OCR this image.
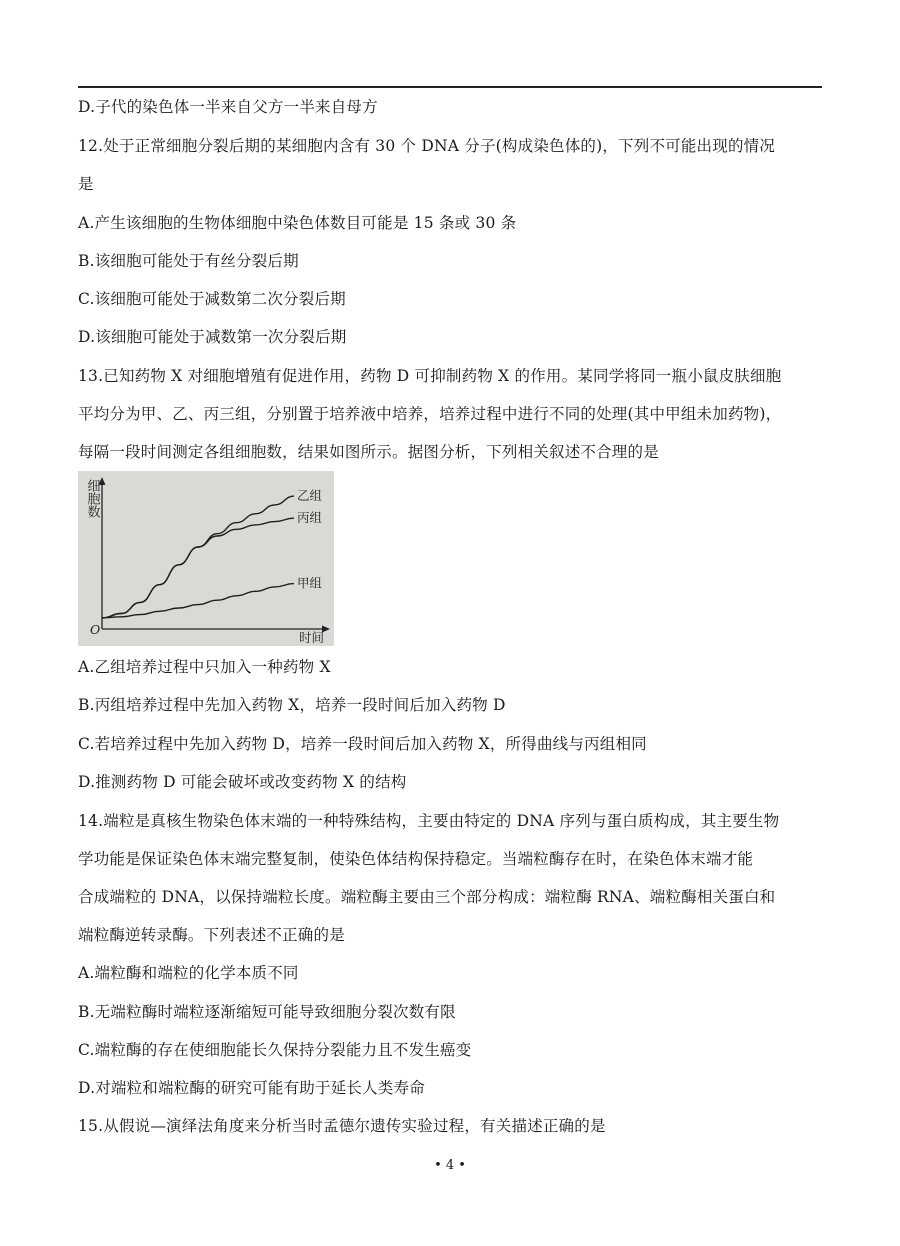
D.子代的染色体一半来自父方一半来自母方
12.处于正常细胞分裂后期的某细胞内含有 30 个 DNA 分子(构成染色体的)，下列不可能出现的情况
是
A.产生该细胞的生物体细胞中染色体数目可能是 15 条或 30 条
B.该细胞可能处于有丝分裂后期
C.该细胞可能处于减数第二次分裂后期
D.该细胞可能处于减数第一次分裂后期
13.已知药物 X 对细胞增殖有促进作用，药物 D 可抑制药物 X 的作用。某同学将同一瓶小鼠皮肤细胞
平均分为甲、乙、丙三组，分别置于培养液中培养，培养过程中进行不同的处理(其中甲组未加药物)，
每隔一段时间测定各组细胞数，结果如图所示。据图分析，下列相关叙述不合理的是
细胞数
时间
O
乙组
丙组
甲组
A.乙组培养过程中只加入一种药物 X
B.丙组培养过程中先加入药物 X，培养一段时间后加入药物 D
C.若培养过程中先加入药物 D，培养一段时间后加入药物 X，所得曲线与丙组相同
D.推测药物 D 可能会破坏或改变药物 X 的结构
14.端粒是真核生物染色体末端的一种特殊结构，主要由特定的 DNA 序列与蛋白质构成，其主要生物
学功能是保证染色体末端完整复制，使染色体结构保持稳定。当端粒酶存在时，在染色体末端才能
合成端粒的 DNA，以保持端粒长度。端粒酶主要由三个部分构成：端粒酶 RNA、端粒酶相关蛋白和
端粒酶逆转录酶。下列表述不正确的是
A.端粒酶和端粒的化学本质不同
B.无端粒酶时端粒逐渐缩短可能导致细胞分裂次数有限
C.端粒酶的存在使细胞能长久保持分裂能力且不发生癌变
D.对端粒和端粒酶的研究可能有助于延长人类寿命
15.从假说—演绎法角度来分析当时孟德尔遗传实验过程，有关描述正确的是
• 4 •
